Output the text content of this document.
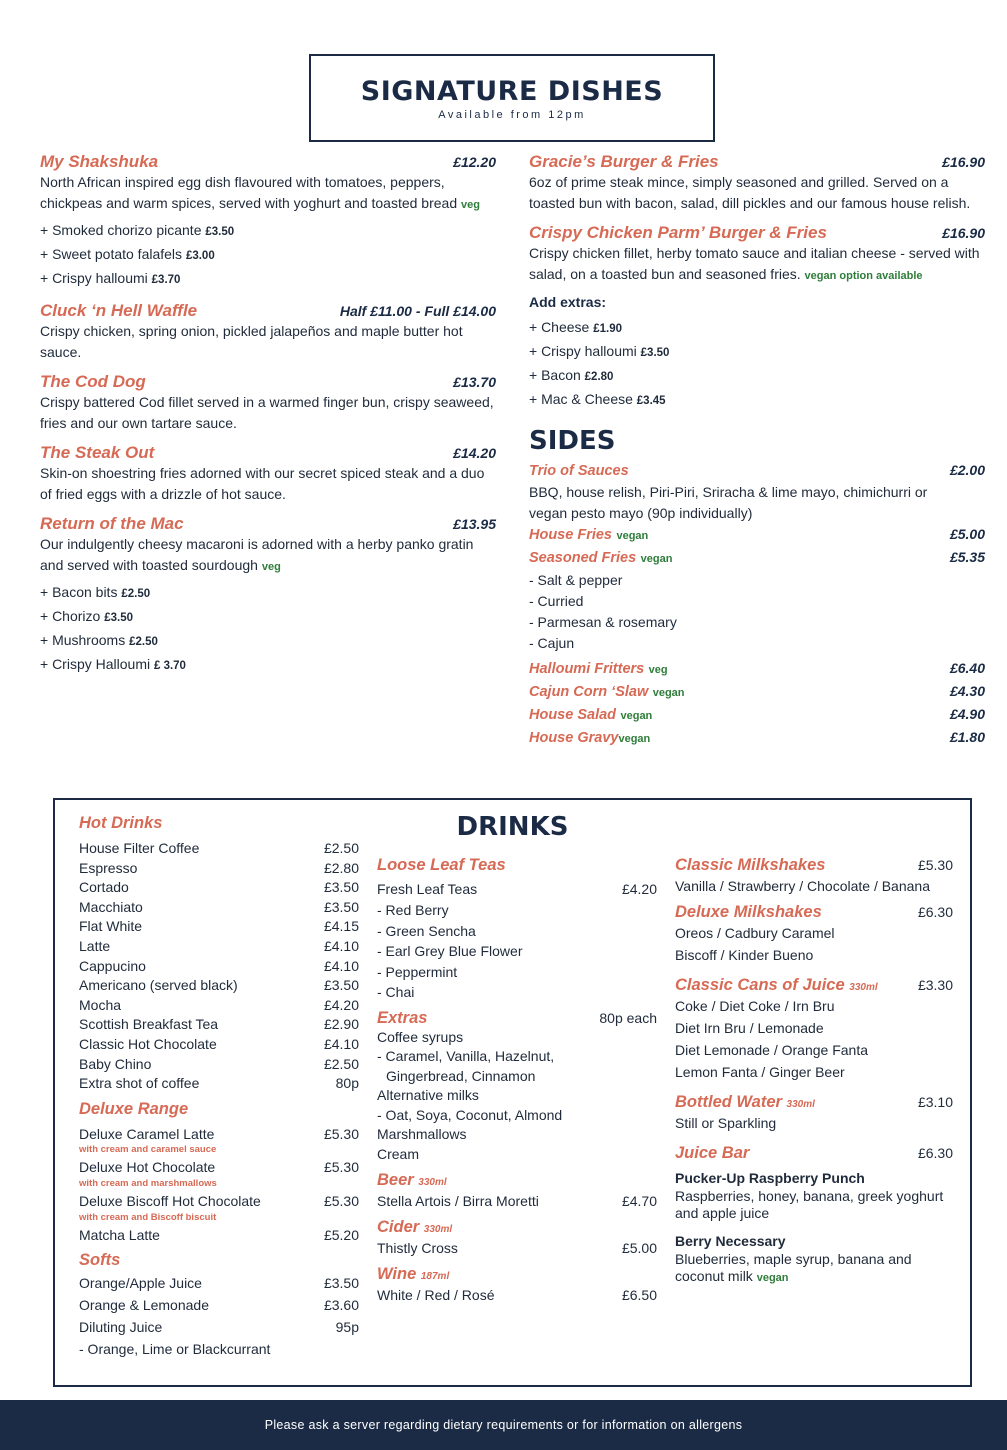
SIGNATURE DISHES
Available from 12pm
My Shakshuka	£12.20
North African inspired egg dish flavoured with tomatoes, peppers, chickpeas and warm spices, served with yoghurt and toasted bread veg
+ Smoked chorizo picante £3.50
+ Sweet potato falafels £3.00
+ Crispy halloumi £3.70
Cluck ‘n Hell Waffle	Half £11.00 - Full £14.00
Crispy chicken, spring onion, pickled jalapeños and maple butter hot sauce.
The Cod Dog	£13.70
Crispy battered Cod fillet served in a warmed finger bun, crispy seaweed, fries and our own tartare sauce.
The Steak Out	£14.20
Skin-on shoestring fries adorned with our secret spiced steak and a duo of fried eggs with a drizzle of hot sauce.
Return of the Mac	£13.95
Our indulgently cheesy macaroni is adorned with a herby panko gratin and served with toasted sourdough veg
+ Bacon bits £2.50
+ Chorizo £3.50
+ Mushrooms £2.50
+ Crispy Halloumi £ 3.70
Gracie’s Burger & Fries	£16.90
6oz of prime steak mince, simply seasoned and grilled. Served on a toasted bun with bacon, salad, dill pickles and our famous house relish.
Crispy Chicken Parm’ Burger & Fries	£16.90
Crispy chicken fillet, herby tomato sauce and italian cheese - served with salad, on a toasted bun and seasoned fries. vegan option available
Add extras:
+ Cheese £1.90
+ Crispy halloumi £3.50
+ Bacon £2.80
+ Mac & Cheese £3.45
SIDES
Trio of Sauces	£2.00
BBQ, house relish, Piri-Piri, Sriracha & lime mayo, chimichurri or vegan pesto mayo (90p individually)
House Fries vegan	£5.00
Seasoned Fries vegan	£5.35
- Salt & pepper
- Curried
- Parmesan & rosemary
- Cajun
Halloumi Fritters veg	£6.40
Cajun Corn ‘Slaw vegan	£4.30
House Salad vegan	£4.90
House Gravyvegan	£1.80
DRINKS
Hot Drinks
House Filter Coffee	£2.50
Espresso	£2.80
Cortado	£3.50
Macchiato	£3.50
Flat White	£4.15
Latte	£4.10
Cappucino	£4.10
Americano (served black)	£3.50
Mocha	£4.20
Scottish Breakfast Tea	£2.90
Classic Hot Chocolate	£4.10
Baby Chino	£2.50
Extra shot of coffee	80p
Deluxe Range
Deluxe Caramel Latte	£5.30
with cream and caramel sauce
Deluxe Hot Chocolate	£5.30
with cream and marshmallows
Deluxe Biscoff Hot Chocolate	£5.30
with cream and Biscoff biscuit
Matcha Latte	£5.20
Softs
Orange/Apple Juice	£3.50
Orange & Lemonade	£3.60
Diluting Juice	95p
- Orange, Lime or Blackcurrant
Loose Leaf Teas
Fresh Leaf Teas	£4.20
- Red Berry
- Green Sencha
- Earl Grey Blue Flower
- Peppermint
- Chai
Extras	80p each
Coffee syrups
- Caramel, Vanilla, Hazelnut,
Gingerbread, Cinnamon
Alternative milks
- Oat, Soya, Coconut, Almond
Marshmallows
Cream
Beer 330ml
Stella Artois / Birra Moretti	£4.70
Cider 330ml
Thistly Cross	£5.00
Wine 187ml
White / Red / Rosé	£6.50
Classic Milkshakes	£5.30
Vanilla / Strawberry / Chocolate / Banana
Deluxe Milkshakes	£6.30
Oreos / Cadbury Caramel
Biscoff / Kinder Bueno
Classic Cans of Juice 330ml	£3.30
Coke / Diet Coke / Irn Bru
Diet Irn Bru / Lemonade
Diet Lemonade / Orange Fanta
Lemon Fanta / Ginger Beer
Bottled Water 330ml	£3.10
Still or Sparkling
Juice Bar	£6.30
Pucker-Up Raspberry Punch
Raspberries, honey, banana, greek yoghurt and apple juice
Berry Necessary
Blueberries, maple syrup, banana and coconut milk vegan
Please ask a server regarding dietary requirements or for information on allergens
